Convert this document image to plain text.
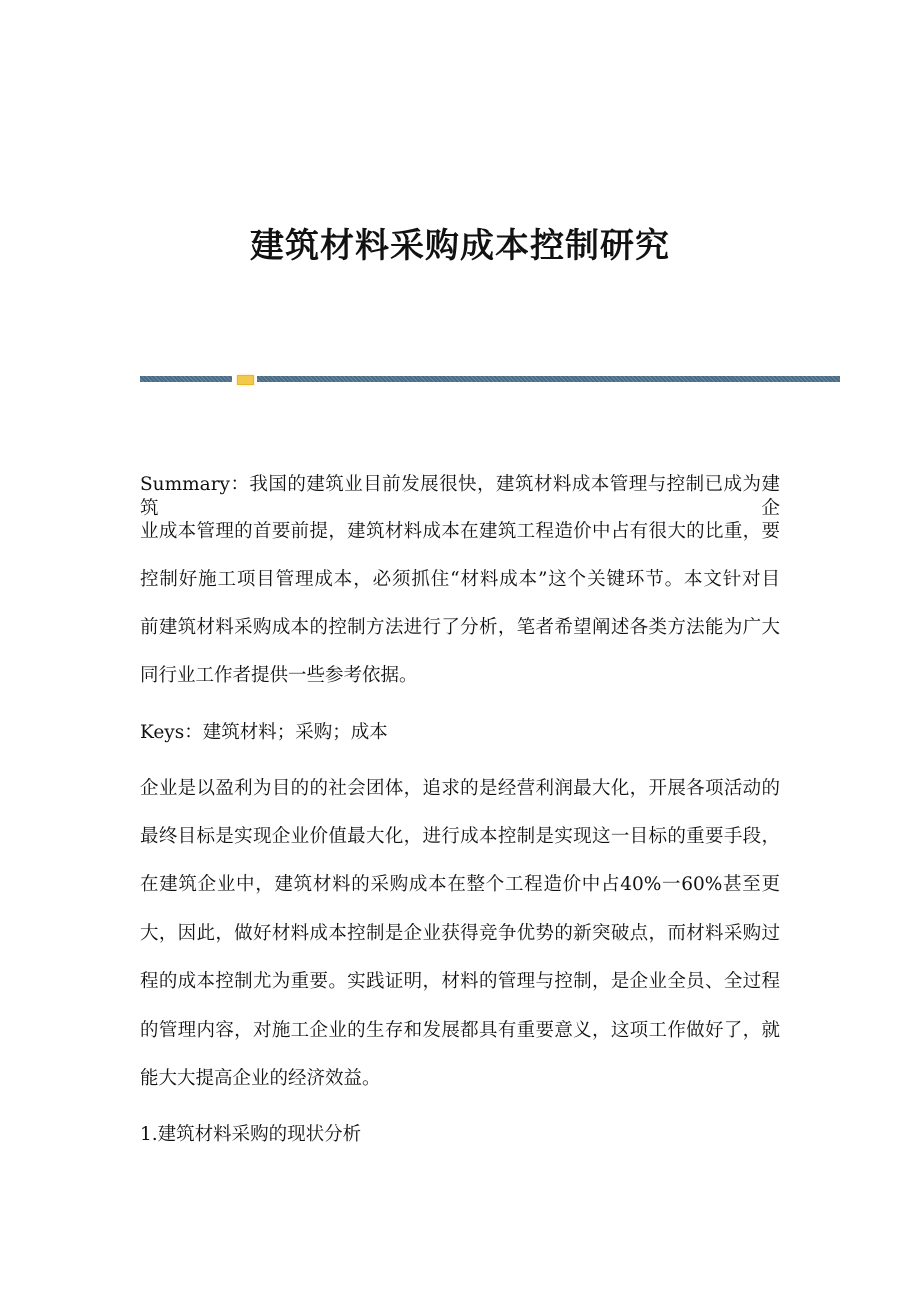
建筑材料采购成本控制研究
Summary：我国的建筑业目前发展很快，建筑材料成本管理与控制已成为建筑企
业成本管理的首要前提，建筑材料成本在建筑工程造价中占有很大的比重，要
控制好施工项目管理成本，必须抓住“材料成本”这个关键环节。本文针对目
前建筑材料采购成本的控制方法进行了分析，笔者希望阐述各类方法能为广大
同行业工作者提供一些参考依据。
Keys：建筑材料；采购；成本
企业是以盈利为目的的社会团体，追求的是经营利润最大化，开展各项活动的
最终目标是实现企业价值最大化，进行成本控制是实现这一目标的重要手段，
在建筑企业中，建筑材料的采购成本在整个工程造价中占40%一60%甚至更
大，因此，做好材料成本控制是企业获得竞争优势的新突破点，而材料采购过
程的成本控制尤为重要。实践证明，材料的管理与控制，是企业全员、全过程
的管理内容，对施工企业的生存和发展都具有重要意义，这项工作做好了，就
能大大提高企业的经济效益。
1.建筑材料采购的现状分析
